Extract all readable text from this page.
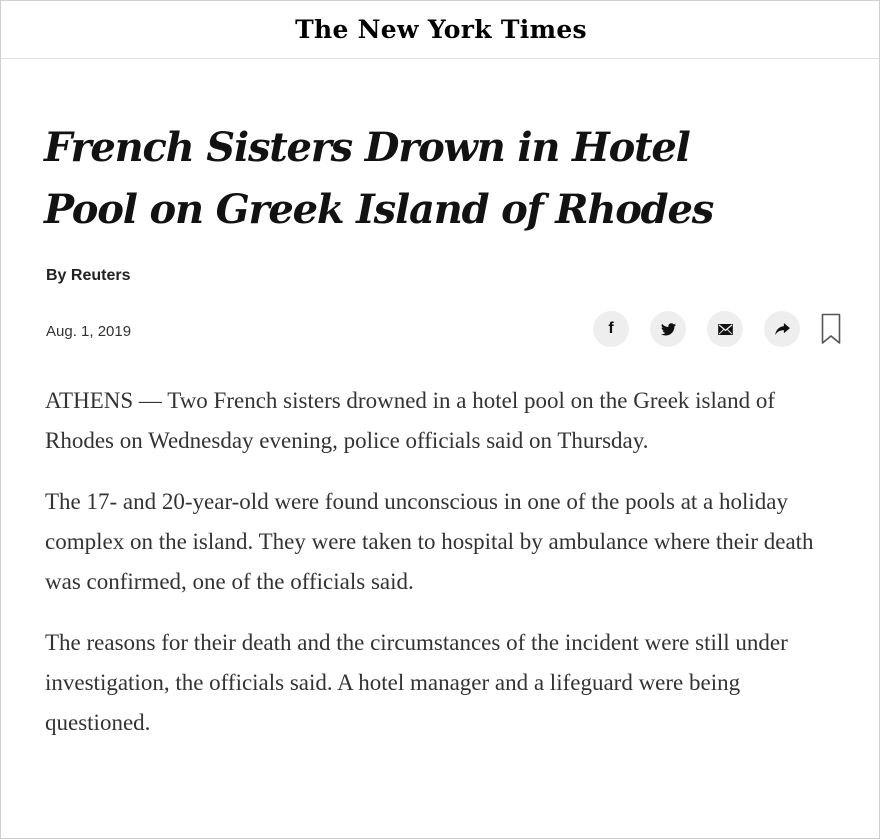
The New York Times
French Sisters Drown in Hotel Pool on Greek Island of Rhodes

By Reuters

Aug. 1, 2019	f

ATHENS — Two French sisters drowned in a hotel pool on the Greek island of Rhodes on Wednesday evening, police officials said on Thursday.

The 17- and 20-year-old were found unconscious in one of the pools at a holiday complex on the island. They were taken to hospital by ambulance where their death was confirmed, one of the officials said.

The reasons for their death and the circumstances of the incident were still under investigation, the officials said. A hotel manager and a lifeguard were being questioned.
